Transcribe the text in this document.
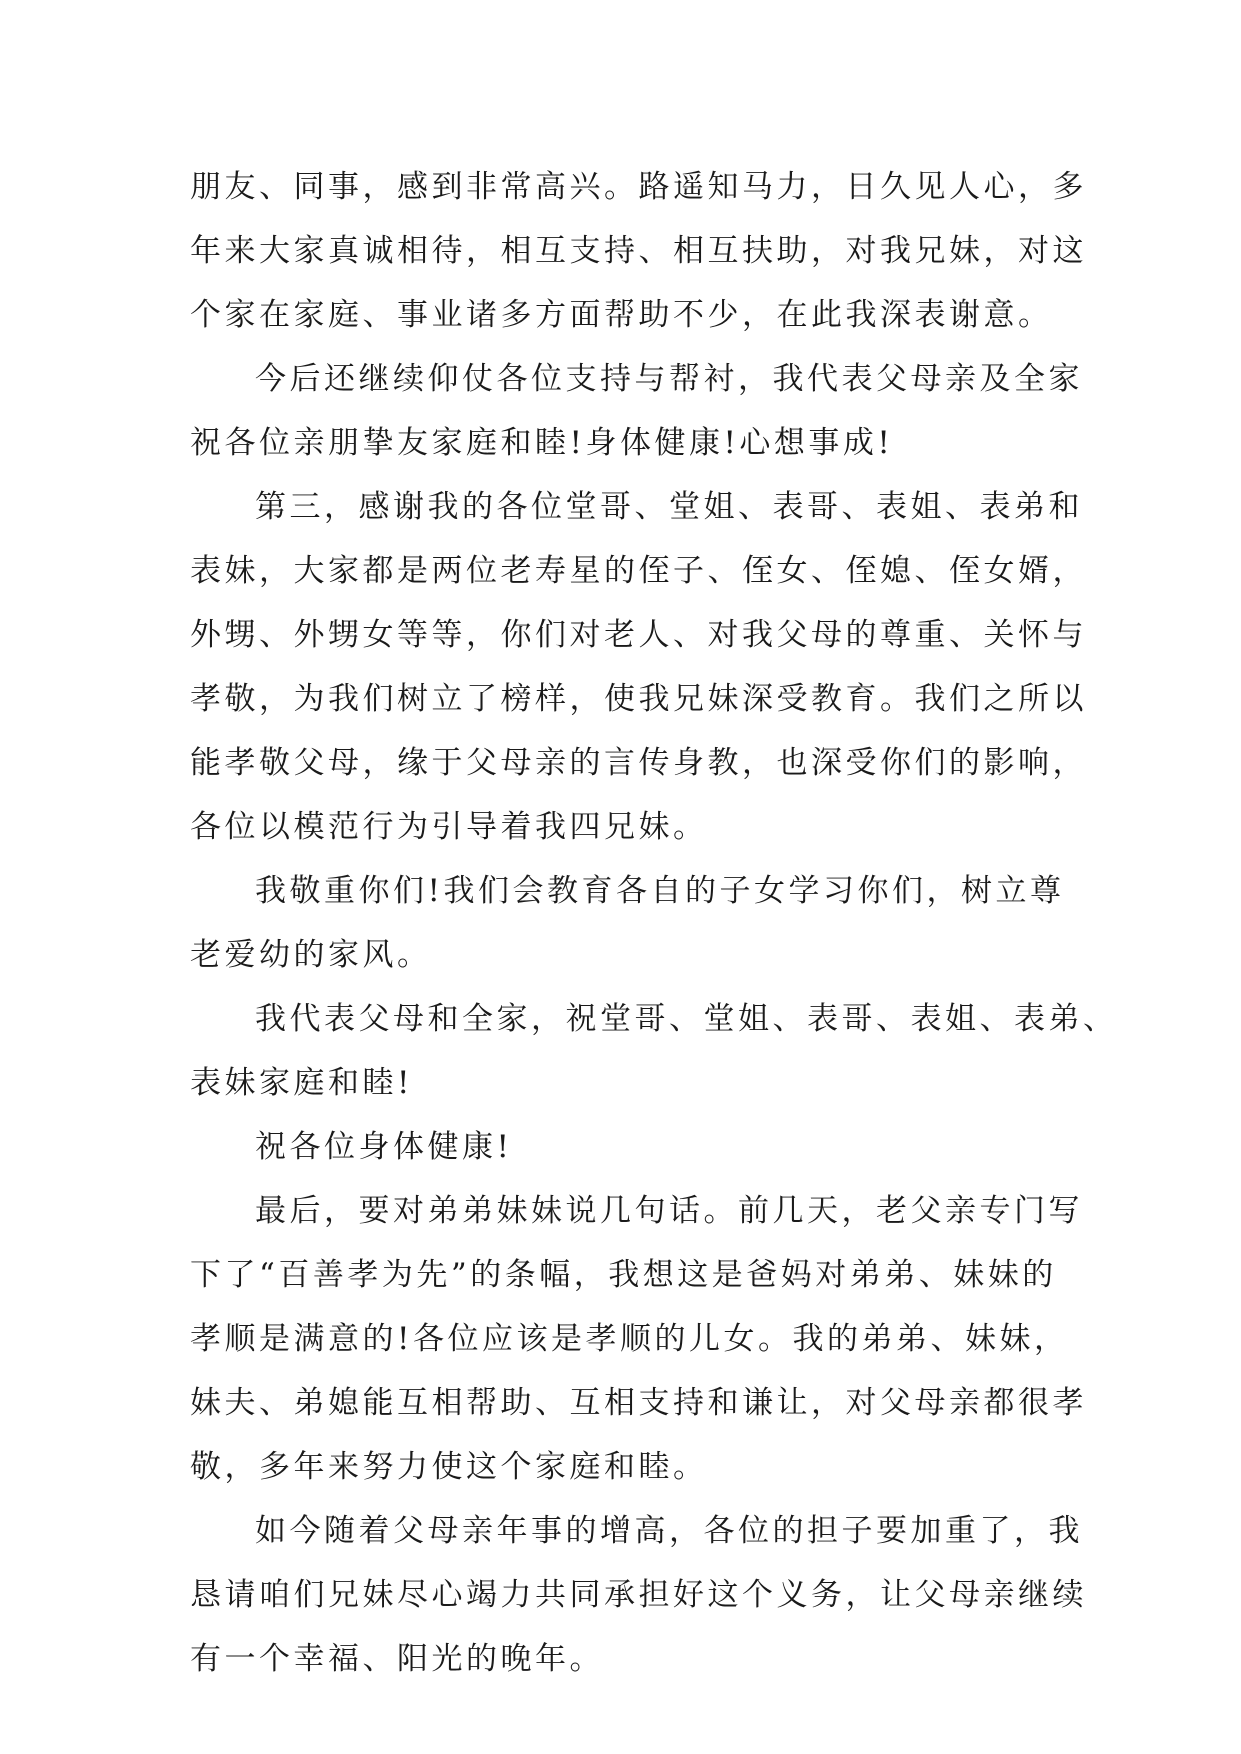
朋友、同事，感到非常高兴。路遥知马力，日久见人心，多
年来大家真诚相待，相互支持、相互扶助，对我兄妹，对这
个家在家庭、事业诸多方面帮助不少，在此我深表谢意。
今后还继续仰仗各位支持与帮衬，我代表父母亲及全家
祝各位亲朋挚友家庭和睦!身体健康!心想事成!
第三，感谢我的各位堂哥、堂姐、表哥、表姐、表弟和
表妹，大家都是两位老寿星的侄子、侄女、侄媳、侄女婿，
外甥、外甥女等等，你们对老人、对我父母的尊重、关怀与
孝敬，为我们树立了榜样，使我兄妹深受教育。我们之所以
能孝敬父母，缘于父母亲的言传身教，也深受你们的影响，
各位以模范行为引导着我四兄妹。
我敬重你们!我们会教育各自的子女学习你们，树立尊
老爱幼的家风。
我代表父母和全家，祝堂哥、堂姐、表哥、表姐、表弟、
表妹家庭和睦!
祝各位身体健康!
最后，要对弟弟妹妹说几句话。前几天，老父亲专门写
下了“百善孝为先”的条幅，我想这是爸妈对弟弟、妹妹的
孝顺是满意的!各位应该是孝顺的儿女。我的弟弟、妹妹，
妹夫、弟媳能互相帮助、互相支持和谦让，对父母亲都很孝
敬，多年来努力使这个家庭和睦。
如今随着父母亲年事的增高，各位的担子要加重了，我
恳请咱们兄妹尽心竭力共同承担好这个义务，让父母亲继续
有一个幸福、阳光的晚年。
